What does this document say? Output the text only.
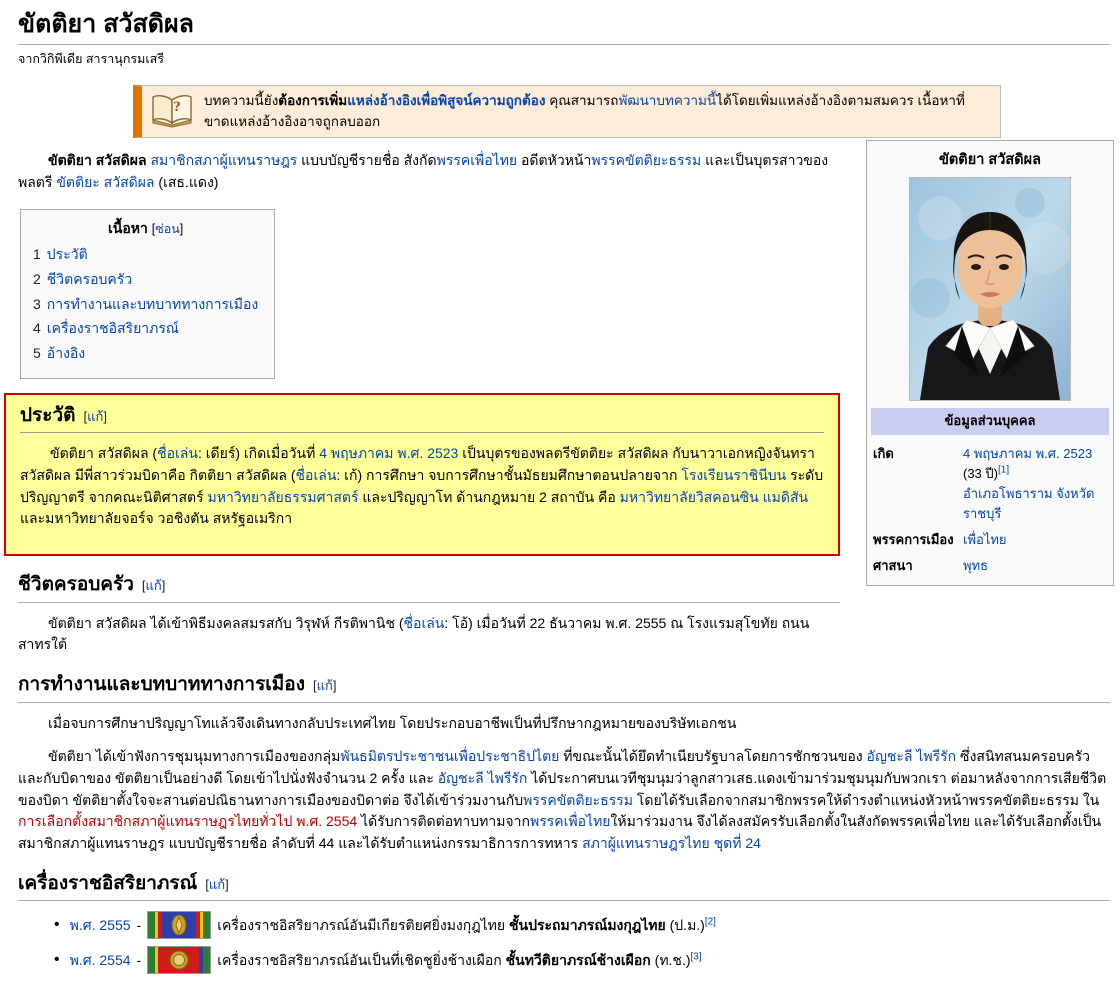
ขัตติยา สวัสดิผล
จากวิกิพีเดีย สารานุกรมเสรี
? บทความนี้ยังต้องการเพิ่มแหล่งอ้างอิงเพื่อพิสูจน์ความถูกต้อง คุณสามารถพัฒนาบทความนี้ได้โดยเพิ่มแหล่งอ้างอิงตามสมควร เนื้อหาที่ขาดแหล่งอ้างอิงอาจถูกลบออก

ขัตติยา สวัสดิผล สมาชิกสภาผู้แทนราษฎร แบบบัญชีรายชื่อ สังกัดพรรคเพื่อไทย อดีตหัวหน้าพรรคขัตติยะธรรม และเป็นบุตรสาวของ พลตรี ขัตติยะ สวัสดิผล (เสธ.แดง)

เนื้อหา [ซ่อน]
1 ประวัติ
2 ชีวิตครอบครัว
3 การทำงานและบทบาททางการเมือง
4 เครื่องราชอิสริยาภรณ์
5 อ้างอิง
ประวัติ [แก้]

ขัตติยา สวัสดิผล (ชื่อเล่น: เดียร์) เกิดเมื่อวันที่ 4 พฤษภาคม พ.ศ. 2523 เป็นบุตรของพลตรีขัตติยะ สวัสดิผล กับนาวาเอกหญิงจันทรา สวัสดิผล มีพี่สาวร่วมบิดาคือ กิตติยา สวัสดิผล (ชื่อเล่น: เก้) การศึกษา จบการศึกษาชั้นมัธยมศึกษาตอนปลายจาก โรงเรียนราชินีบน ระดับปริญญาตรี จากคณะนิติศาสตร์ มหาวิทยาลัยธรรมศาสตร์ และปริญญาโท ด้านกฎหมาย 2 สถาบัน คือ มหาวิทยาลัยวิสคอนซิน แมดิสัน และมหาวิทยาลัยจอร์จ วอชิงตัน สหรัฐอเมริกา

ชีวิตครอบครัว [แก้]

ขัตติยา สวัสดิผล ได้เข้าพิธีมงคลสมรสกับ วิรุฬห์ กีรติพานิช (ชื่อเล่น: โอ้) เมื่อวันที่ 22 ธันวาคม พ.ศ. 2555 ณ โรงแรมสุโขทัย ถนนสาทรใต้

การทำงานและบทบาททางการเมือง [แก้]

เมื่อจบการศึกษาปริญญาโทแล้วจึงเดินทางกลับประเทศไทย โดยประกอบอาชีพเป็นที่ปรึกษากฎหมายของบริษัทเอกชน

ขัตติยา ได้เข้าฟังการชุมนุมทางการเมืองของกลุ่มพันธมิตรประชาชนเพื่อประชาธิปไตย ที่ขณะนั้นได้ยึดทำเนียบรัฐบาลโดยการชักชวนของ อัญชะลี ไพรีรัก ซึ่งสนิทสนมครอบครัวและกับบิดาของ ขัตติยาเป็นอย่างดี โดยเข้าไปนั่งฟังจำนวน 2 ครั้ง และ อัญชะลี ไพรีรัก ได้ประกาศบนเวทีชุมนุมว่าลูกสาวเสธ.แดงเข้ามาร่วมชุมนุมกับพวกเรา ต่อมาหลังจากการเสียชีวิตของบิดา ขัตติยาตั้งใจจะสานต่อปณิธานทางการเมืองของบิดาต่อ จึงได้เข้าร่วมงานกับพรรคขัตติยะธรรม โดยได้รับเลือกจากสมาชิกพรรคให้ดำรงตำแหน่งหัวหน้าพรรคขัตติยะธรรม ในการเลือกตั้งสมาชิกสภาผู้แทนราษฎรไทยทั่วไป พ.ศ. 2554 ได้รับการติดต่อทาบทามจากพรรคเพื่อไทยให้มาร่วมงาน จึงได้ลงสมัครรับเลือกตั้งในสังกัดพรรคเพื่อไทย และได้รับเลือกตั้งเป็นสมาชิกสภาผู้แทนราษฎร แบบบัญชีรายชื่อ ลำดับที่ 44 และได้รับตำแหน่งกรรมาธิการการทหาร สภาผู้แทนราษฎรไทย ชุดที่ 24

เครื่องราชอิสริยาภรณ์ [แก้]
• พ.ศ. 2555 -	เครื่องราชอิสริยาภรณ์อันมีเกียรติยศยิ่งมงกุฎไทย ชั้นประถมาภรณ์มงกุฎไทย (ป.ม.)[2]
• พ.ศ. 2554 -	เครื่องราชอิสริยาภรณ์อันเป็นที่เชิดชูยิ่งช้างเผือก ชั้นทวีติยาภรณ์ช้างเผือก (ท.ช.)[3]
ขัตติยา สวัสดิผล
ข้อมูลส่วนบุคคล
เกิด	4 พฤษภาคม พ.ศ. 2523 (33 ปี)[1]
อำเภอโพธาราม จังหวัดราชบุรี
พรรคการเมือง เพื่อไทย
ศาสนา	พุทธ
